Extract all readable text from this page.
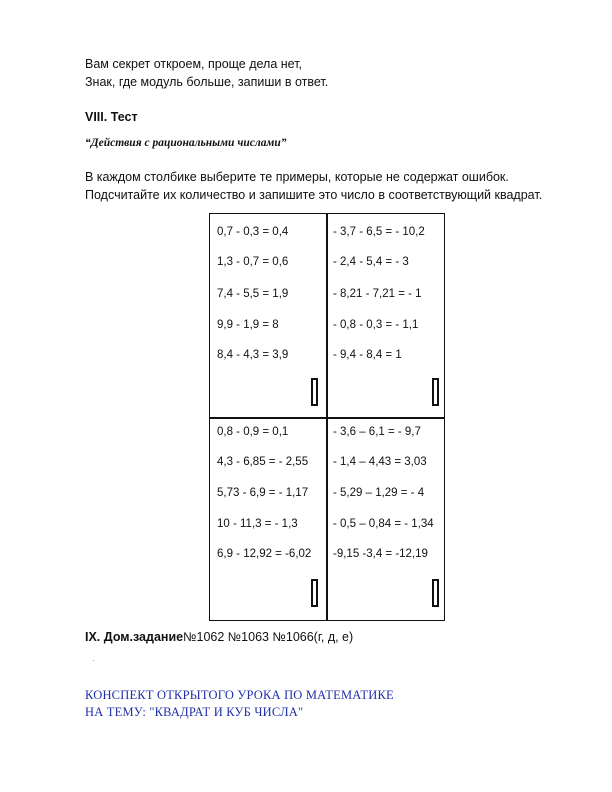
Вам секрет откроем, проще дела нет,
Знак, где модуль больше, запиши в ответ.
VIII. Тест
“Действия с рациональными числами”
В каждом столбике выберите те примеры, которые не содержат ошибок.
Подсчитайте их количество и запишите это число в соответствующий квадрат.
0,7 - 0,3 = 0,4
1,3 - 0,7 = 0,6
7,4 - 5,5 = 1,9
9,9 - 1,9 = 8
8,4 - 4,3 = 3,9
- 3,7 - 6,5 = - 10,2
- 2,4 - 5,4 = - 3
- 8,21 - 7,21 = - 1
- 0,8 - 0,3 = - 1,1
- 9,4 - 8,4 = 1
0,8 - 0,9 = 0,1
4,3 - 6,85 = - 2,55
5,73 - 6,9 = - 1,17
10 - 11,3 = - 1,3
6,9 - 12,92 = -6,02
- 3,6 – 6,1 = - 9,7
- 1,4 – 4,43 = 3,03
- 5,29 – 1,29 = - 4
- 0,5 – 0,84 = - 1,34
-9,15 -3,4 = -12,19
IX. Дом.задание№1062 №1063 №1066(г, д, е)
·
КОНСПЕКТ ОТКРЫТОГО УРОКА ПО МАТЕМАТИКЕ
НА ТЕМУ: "КВАДРАТ И КУБ ЧИСЛА"
